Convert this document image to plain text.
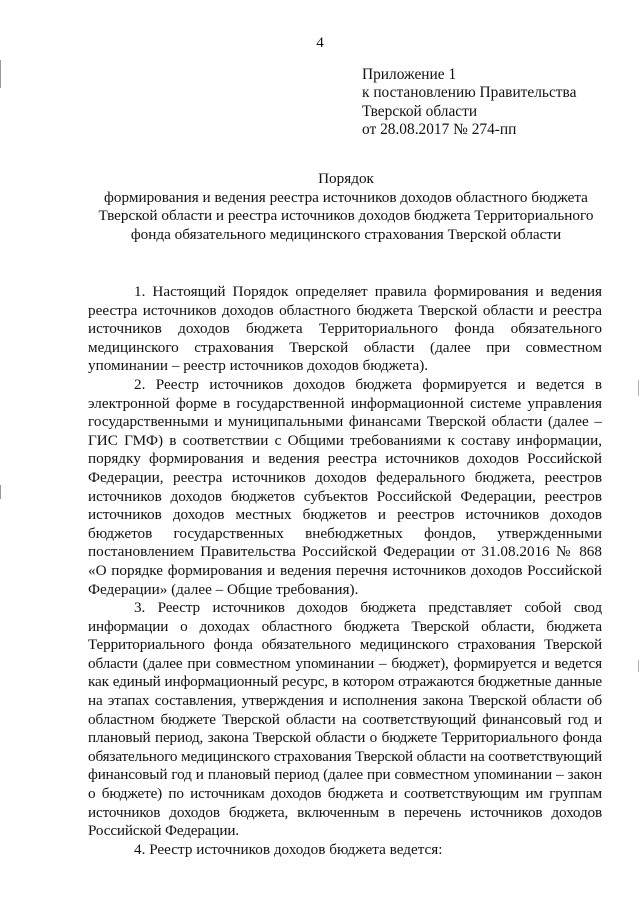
4
Приложение 1
к постановлению Правительства
Тверской области
от 28.08.2017 № 274-пп
Порядок
формирования и ведения реестра источников доходов областного бюджета
Тверской области и реестра источников доходов бюджета Территориального
фонда обязательного медицинского страхования Тверской области

1. Настоящий Порядок определяет правила формирования и ведения реестра источников доходов областного бюджета Тверской области и реестра источников доходов бюджета Территориального фонда обязательного медицинского страхования Тверской области (далее при совместном упоминании – реестр источников доходов бюджета).

2. Реестр источников доходов бюджета формируется и ведется в электронной форме в государственной информационной системе управления государственными и муниципальными финансами Тверской области (далее – ГИС ГМФ) в соответствии с Общими требованиями к составу информации, порядку формирования и ведения реестра источников доходов Российской Федерации, реестра источников доходов федерального бюджета, реестров источников доходов бюджетов субъектов Российской Федерации, реестров источников доходов местных бюджетов и реестров источников доходов бюджетов государственных внебюджетных фондов, утвержденными постановлением Правительства Российской Федерации от 31.08.2016 № 868 «О порядке формирования и ведения перечня источников доходов Российской Федерации» (далее – Общие требования).

3. Реестр источников доходов бюджета представляет собой свод информации о доходах областного бюджета Тверской области, бюджета Территориального фонда обязательного медицинского страхования Тверской области (далее при совместном упоминании – бюджет), формируется и ведется как единый информационный ресурс, в котором отражаются бюджетные данные на этапах составления, утверждения и исполнения закона Тверской области об областном бюджете Тверской области на соответствующий финансовый год и плановый период, закона Тверской области о бюджете Территориального фонда обязательного медицинского страхования Тверской области на соответствующий финансовый год и плановый период (далее при совместном упоминании – закон о бюджете) по источникам доходов бюджета и соответствующим им группам источников доходов бюджета, включенным в перечень источников доходов Российской Федерации.

4. Реестр источников доходов бюджета ведется:
